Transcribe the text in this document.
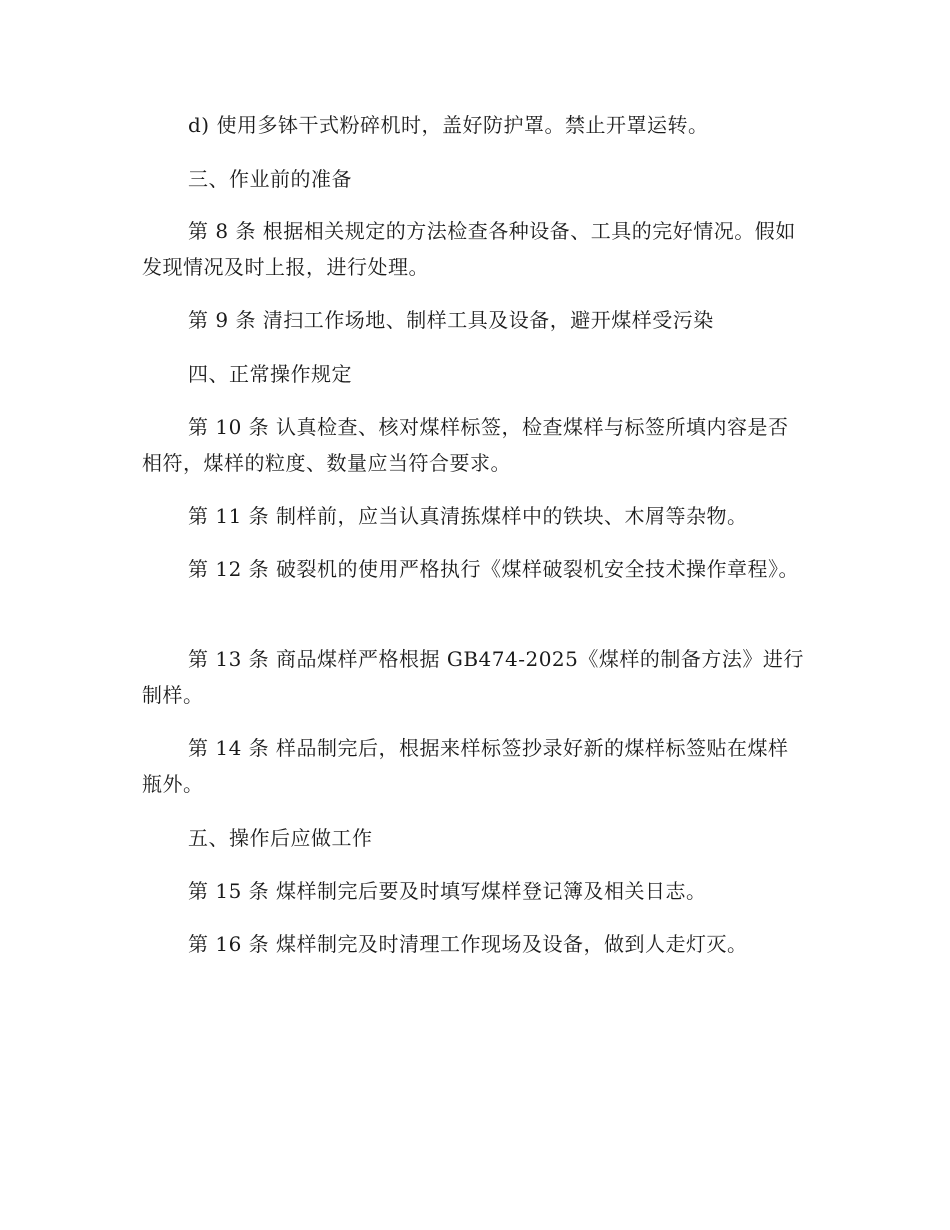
d) 使用多钵干式粉碎机时，盖好防护罩。禁止开罩运转。

三、作业前的准备

第 8 条 根据相关规定的方法检查各种设备、工具的完好情况。假如发现情况及时上报，进行处理。

第 9 条 清扫工作场地、制样工具及设备，避开煤样受污染

四、正常操作规定

第 10 条 认真检查、核对煤样标签，检查煤样与标签所填内容是否相符，煤样的粒度、数量应当符合要求。

第 11 条 制样前，应当认真清拣煤样中的铁块、木屑等杂物。

第 12 条 破裂机的使用严格执行《煤样破裂机安全技术操作章程》。

第 13 条 商品煤样严格根据 GB474-2025《煤样的制备方法》进行制样。

第 14 条 样品制完后，根据来样标签抄录好新的煤样标签贴在煤样瓶外。

五、操作后应做工作

第 15 条 煤样制完后要及时填写煤样登记簿及相关日志。

第 16 条 煤样制完及时清理工作现场及设备，做到人走灯灭。
